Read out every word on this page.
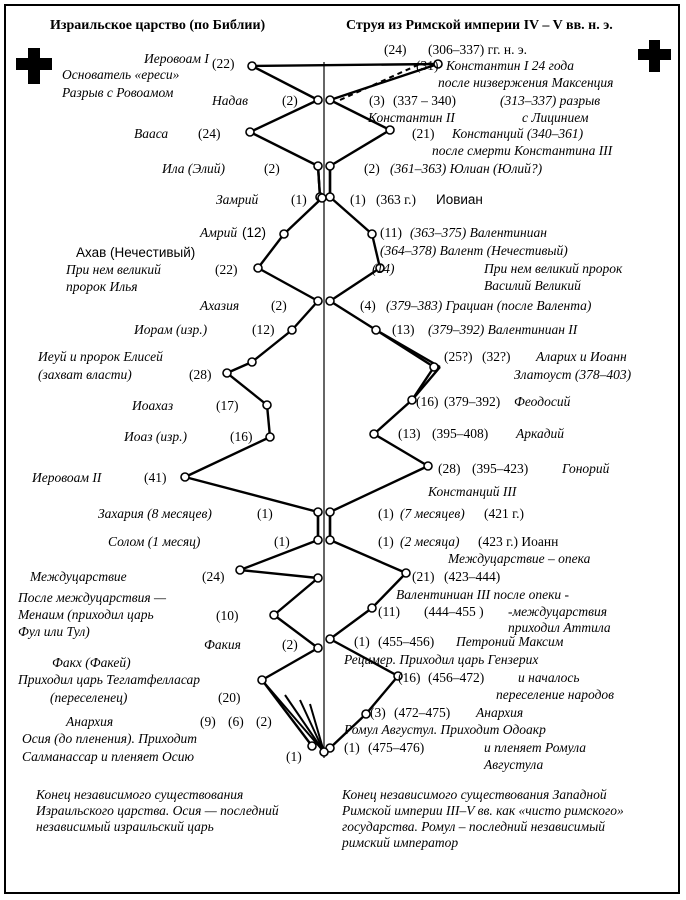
Израильское царство (по Библии)	Струя из Римской империи IV – V вв. н. э.
Иеровоам I (22)
Основатель «ереси»
Разрыв с Ровоамом
Надав	(2)
Вааса (24)
Ила (Элий)	(2)
Замрий (1)
Амрий (12)
Ахав (Нечестивый)
При нем великий
пророк Илья
(22)
Ахазия (2)
Иорам (изр.)	(12)
Иеуй и пророк Елисей
(захват власти)	(28)
Иоахаз	(17)
Иоаз (изр.)	(16)
Иеровоам II	(41)
Захария (8 месяцев)	(1)
Солом (1 месяц)	(1)
Междуцарствие	(24)
После междуцарствия —
Менаим (приходил царь
Фул или Тул)
(10)
Факия	(2)
Факх (Факей)
Приходил царь Теглатфелласар
(переселенец)	(20)
Анархия	(9) (6) (2)
Осия (до пленения). Приходит
Салманассар и пленяет Осию	(1)
(24) (306–337) гг. н. э.
(31) Константин I 24 года
после низвержения Максенция
(3) (337 – 340)	(313–337) разрыв
Константин II	с Лицинием
(21) Констанций (340–361)
после смерти Константина III
(2) (361–363) Юлиан (Юлий?)
(1) (363 г.) Иовиан
(11) (363–375) Валентиниан
(364–378) Валент (Нечестивый)
(14)	При нем великий пророк
Василий Великий
(4) (379–383) Грациан (после Валента)
(13) (379–392) Валентиниан II
(25?) (32?) Аларих и Иоанн
Златоуст (378–403)
(16) (379–392) Феодосий
(13) (395–408) Аркадий
(28) (395–423)	Гонорий
Констанций III
(1) (7 месяцев) (421 г.)
(1) (2 месяца) (423 г.) Иоанн
Междуцарствие – опека
(21) (423–444)
Валентиниан III после опеки -
(11) (444–455 ) -междуцарствия
приходил Аттила
(1) (455–456) Петроний Максим
Рецимер. Приходил царь Гензерих
(16) (456–472)	и началось
переселение народов
(3) (472–475) Анархия
Ромул Августул. Приходит Одоакр
(1) (475–476)	и пленяет Ромула
Августула
Конец независимого существования Израильского царства. Осия — последний независимый израильский царь
Конец независимого существования Западной Римской империи III–V вв. как «чисто римского» государства. Ромул – последний независимый римский император
